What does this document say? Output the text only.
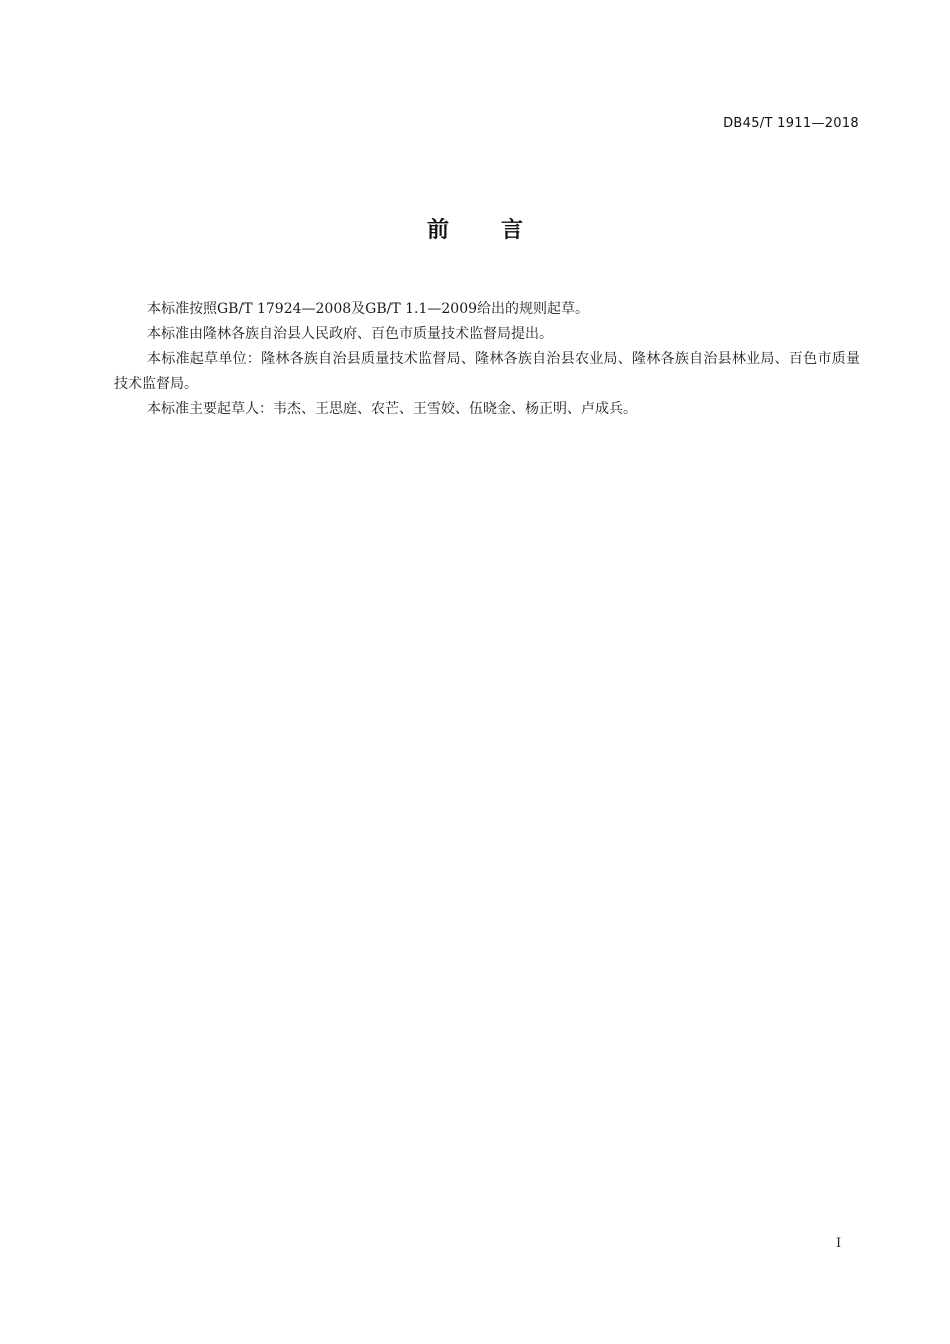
DB45/T 1911—2018
前言

本标准按照GB/T 17924—2008及GB/T 1.1—2009给出的规则起草。

本标准由隆林各族自治县人民政府、百色市质量技术监督局提出。

本标准起草单位：隆林各族自治县质量技术监督局、隆林各族自治县农业局、隆林各族自治县林业局、百色市质量技术监督局。

本标准主要起草人：韦杰、王思庭、农芒、王雪姣、伍晓金、杨正明、卢成兵。

I
